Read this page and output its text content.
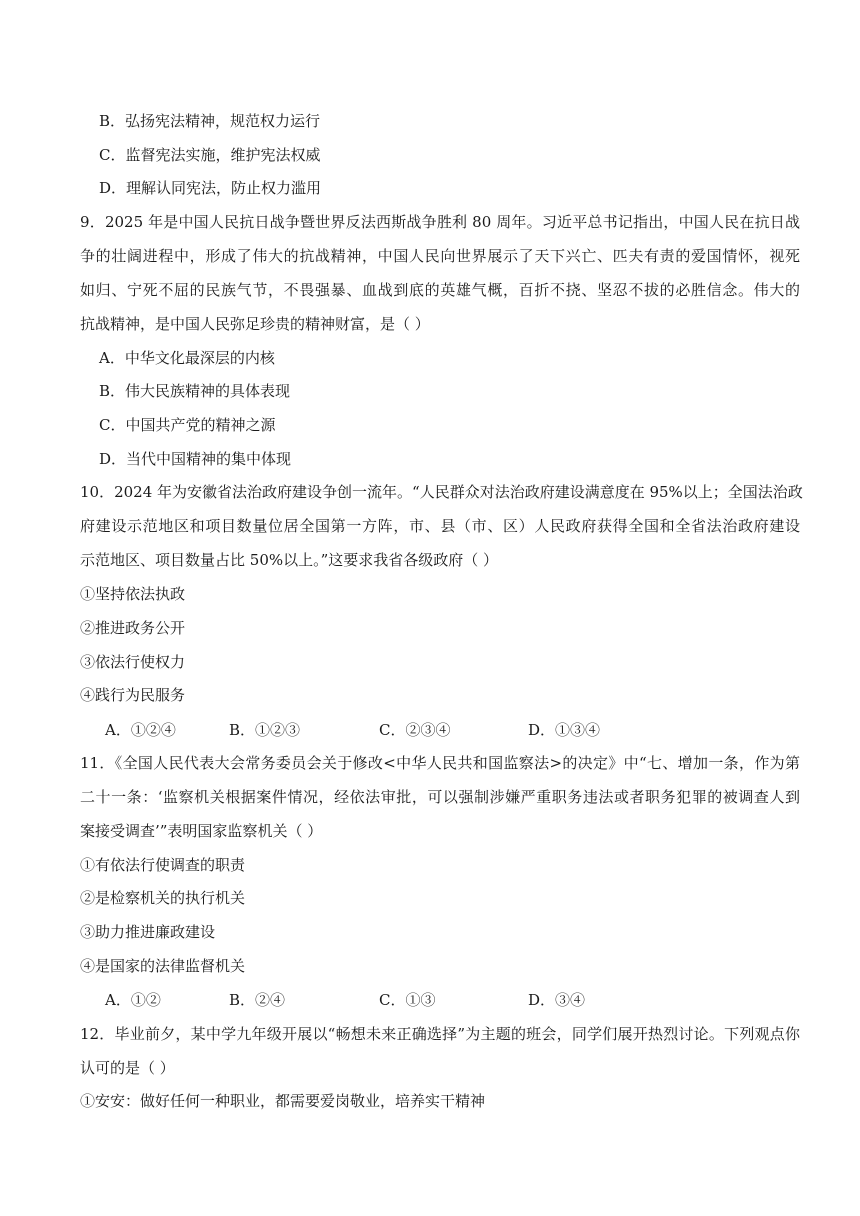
B．弘扬宪法精神，规范权力运行
C．监督宪法实施，维护宪法权威
D．理解认同宪法，防止权力滥用
9．2025 年是中国人民抗日战争暨世界反法西斯战争胜利 80 周年。习近平总书记指出，中国人民在抗日战
争的壮阔进程中，形成了伟大的抗战精神，中国人民向世界展示了天下兴亡、匹夫有责的爱国情怀，视死
如归、宁死不屈的民族气节，不畏强暴、血战到底的英雄气概，百折不挠、坚忍不拔的必胜信念。伟大的
抗战精神，是中国人民弥足珍贵的精神财富，是（ ）
A．中华文化最深层的内核
B．伟大民族精神的具体表现
C．中国共产党的精神之源
D．当代中国精神的集中体现
10．2024 年为安徽省法治政府建设争创一流年。“人民群众对法治政府建设满意度在 95%以上；全国法治政
府建设示范地区和项目数量位居全国第一方阵，市、县（市、区）人民政府获得全国和全省法治政府建设
示范地区、项目数量占比 50%以上。”这要求我省各级政府（ ）
①坚持依法执政
②推进政务公开
③依法行使权力
④践行为民服务
A．①②④	B．①②③	C．②③④	D．①③④
11．《全国人民代表大会常务委员会关于修改<中华人民共和国监察法>的决定》中“七、增加一条，作为第
二十一条：‘监察机关根据案件情况，经依法审批，可以强制涉嫌严重职务违法或者职务犯罪的被调查人到
案接受调查’”表明国家监察机关（ ）
①有依法行使调查的职责
②是检察机关的执行机关
③助力推进廉政建设
④是国家的法律监督机关
A．①②	B．②④	C．①③	D．③④
12．毕业前夕，某中学九年级开展以“畅想未来正确选择”为主题的班会，同学们展开热烈讨论。下列观点你
认可的是（ ）
①安安：做好任何一种职业，都需要爱岗敬业，培养实干精神
